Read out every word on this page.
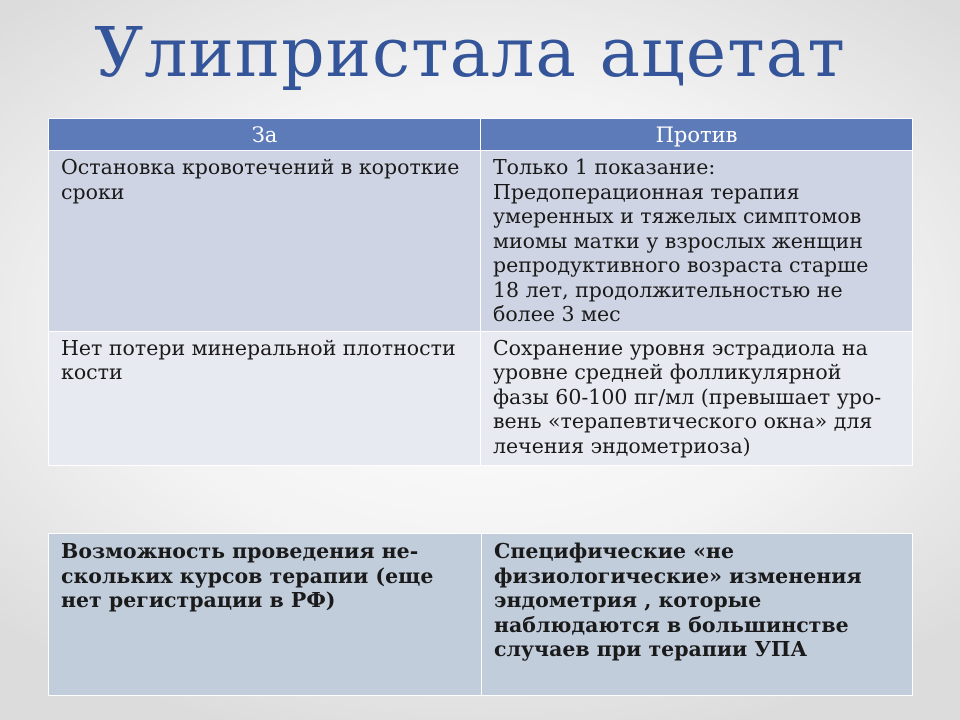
Улипристала ацетат
За	Против
Остановка кровотечений в короткие сроки	Только 1 показание: Предоперационная терапия умеренных и тяжелых симптомов миомы матки у взрослых женщин репродуктивного возраста старше 18 лет, продолжительностью не более 3 мес
Нет потери минеральной плотности кости	Сохранение уровня эстрадиола на уровне средней фолликулярной фазы 60-100 пг/мл (превышает уро-вень «терапевтического окна» для лечения эндометриоза)
Возможность проведения не-скольких курсов терапии (еще нет регистрации в РФ)	Специфические «не физиологические» изменения эндометрия , которые наблюдаются в большинстве случаев при терапии УПА
